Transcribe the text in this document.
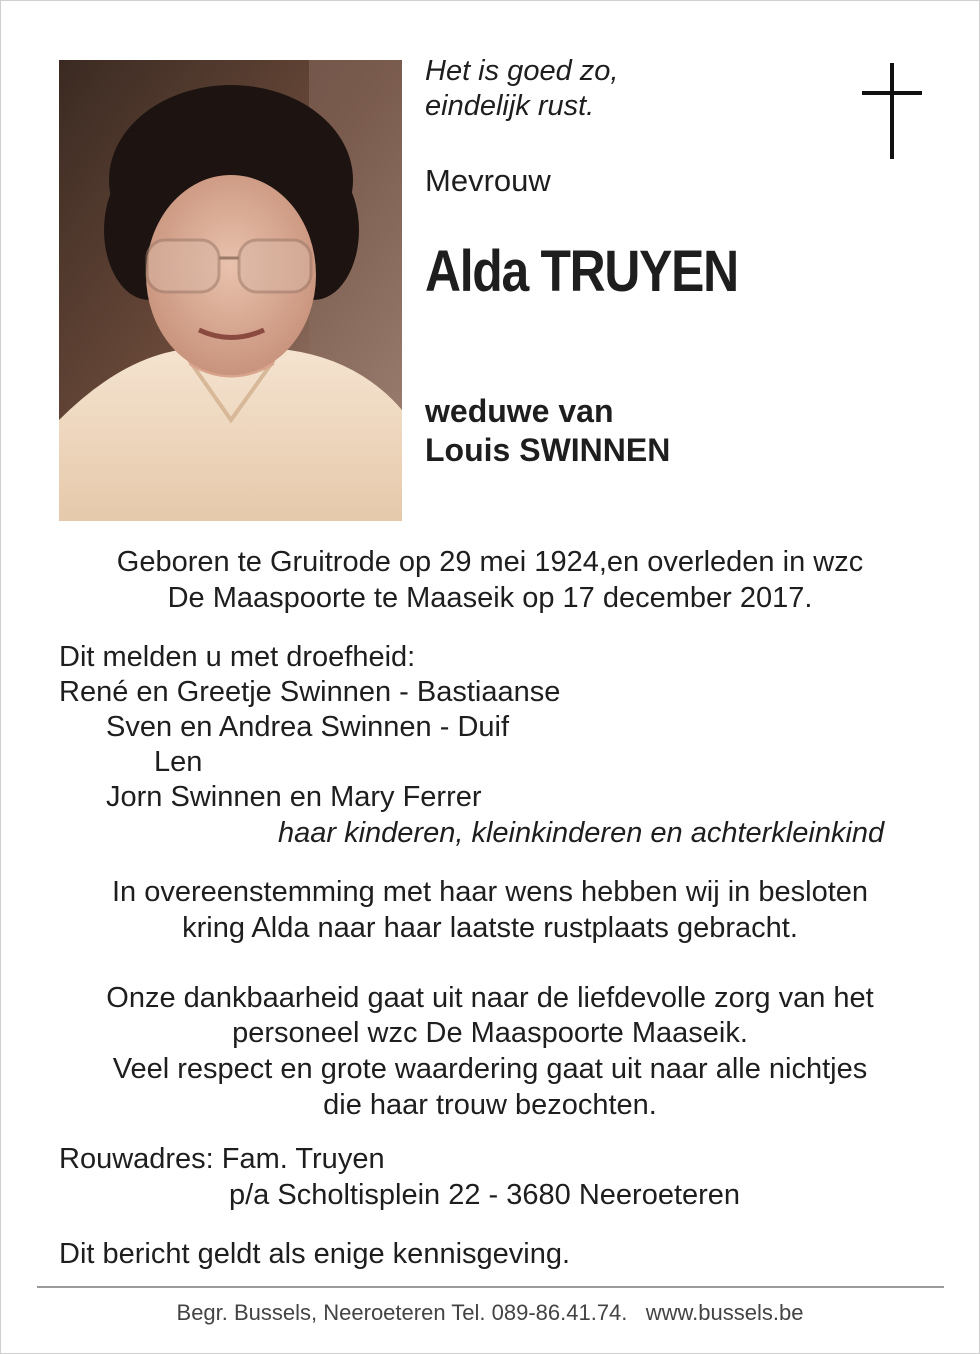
Het is goed zo,
eindelijk rust.
Mevrouw
Alda TRUYEN
weduwe van
Louis SWINNEN
Geboren te Gruitrode op 29 mei 1924,en overleden in wzc
De Maaspoorte te Maaseik op 17 december 2017.
Dit melden u met droefheid:
René en Greetje Swinnen - Bastiaanse
Sven en Andrea Swinnen - Duif
Len
Jorn Swinnen en Mary Ferrer
haar kinderen, kleinkinderen en achterkleinkind
In overeenstemming met haar wens hebben wij in besloten
kring Alda naar haar laatste rustplaats gebracht.
Onze dankbaarheid gaat uit naar de liefdevolle zorg van het
personeel wzc De Maaspoorte Maaseik.
Veel respect en grote waardering gaat uit naar alle nichtjes
die haar trouw bezochten.
Rouwadres: Fam. Truyen
p/a Scholtisplein 22 - 3680 Neeroeteren
Dit bericht geldt als enige kennisgeving.
Begr. Bussels, Neeroeteren Tel. 089-86.41.74.   www.bussels.be
